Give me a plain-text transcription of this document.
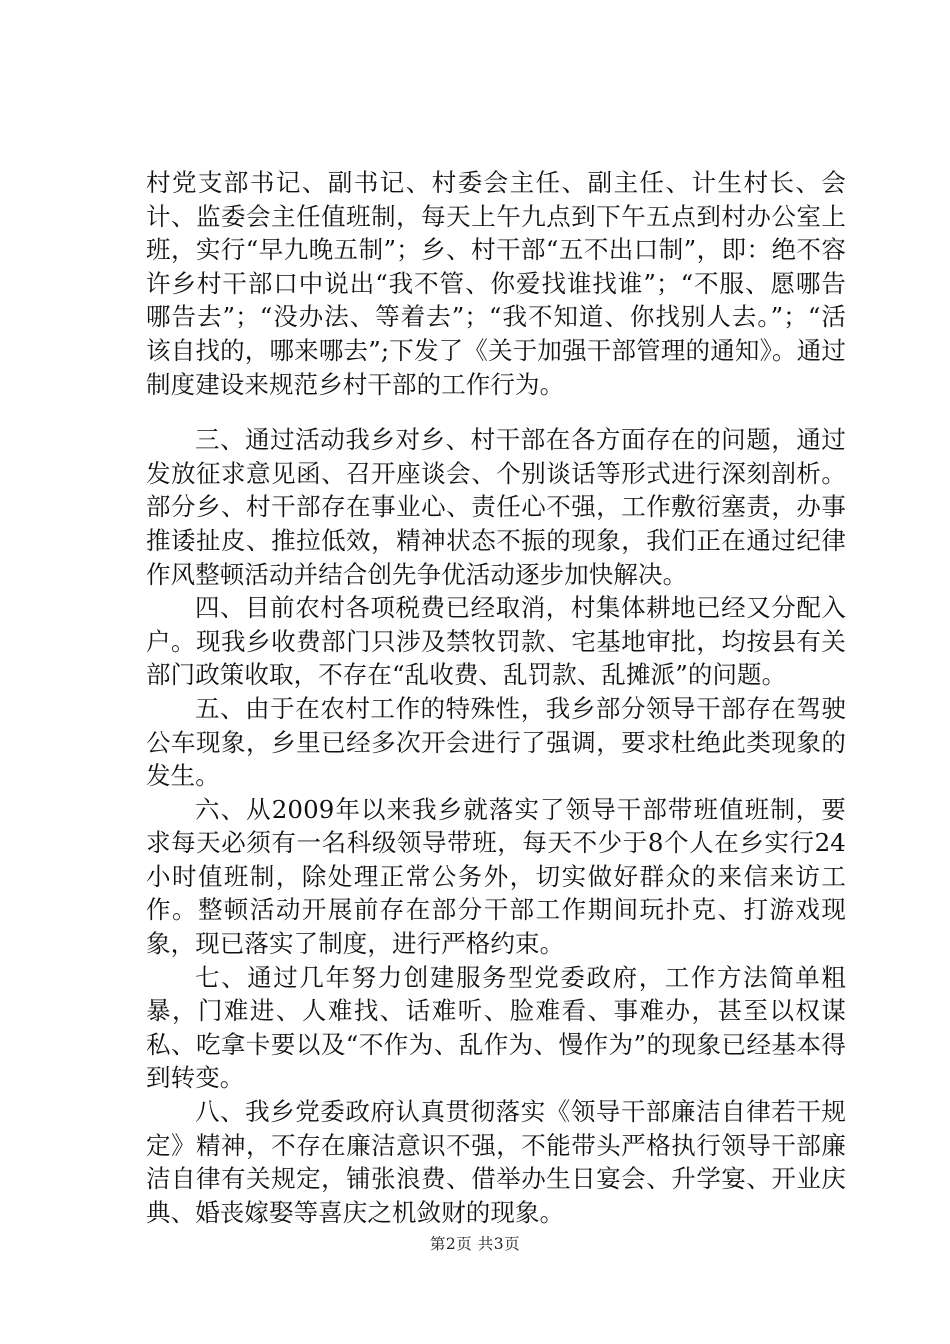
村党支部书记、副书记、村委会主任、副主任、计生村长、会计、监委会主任值班制，每天上午九点到下午五点到村办公室上班，实行“早九晚五制”；乡、村干部“五不出口制”，即：绝不容许乡村干部口中说出“我不管、你爱找谁找谁”；“不服、愿哪告哪告去”；“没办法、等着去”；“我不知道、你找别人去。”；“活该自找的，哪来哪去”;下发了《关于加强干部管理的通知》。通过制度建设来规范乡村干部的工作行为。

三、通过活动我乡对乡、村干部在各方面存在的问题，通过发放征求意见函、召开座谈会、个别谈话等形式进行深刻剖析。部分乡、村干部存在事业心、责任心不强，工作敷衍塞责，办事推诿扯皮、推拉低效，精神状态不振的现象，我们正在通过纪律作风整顿活动并结合创先争优活动逐步加快解决。

四、目前农村各项税费已经取消，村集体耕地已经又分配入户。现我乡收费部门只涉及禁牧罚款、宅基地审批，均按县有关部门政策收取，不存在“乱收费、乱罚款、乱摊派”的问题。

五、由于在农村工作的特殊性，我乡部分领导干部存在驾驶公车现象，乡里已经多次开会进行了强调，要求杜绝此类现象的发生。

六、从2009年以来我乡就落实了领导干部带班值班制，要求每天必须有一名科级领导带班，每天不少于8个人在乡实行24小时值班制，除处理正常公务外，切实做好群众的来信来访工作。整顿活动开展前存在部分干部工作期间玩扑克、打游戏现象，现已落实了制度，进行严格约束。

七、通过几年努力创建服务型党委政府，工作方法简单粗暴，门难进、人难找、话难听、脸难看、事难办，甚至以权谋私、吃拿卡要以及“不作为、乱作为、慢作为”的现象已经基本得到转变。

八、我乡党委政府认真贯彻落实《领导干部廉洁自律若干规定》精神，不存在廉洁意识不强，不能带头严格执行领导干部廉洁自律有关规定，铺张浪费、借举办生日宴会、升学宴、开业庆典、婚丧嫁娶等喜庆之机敛财的现象。

第2页 共3页
